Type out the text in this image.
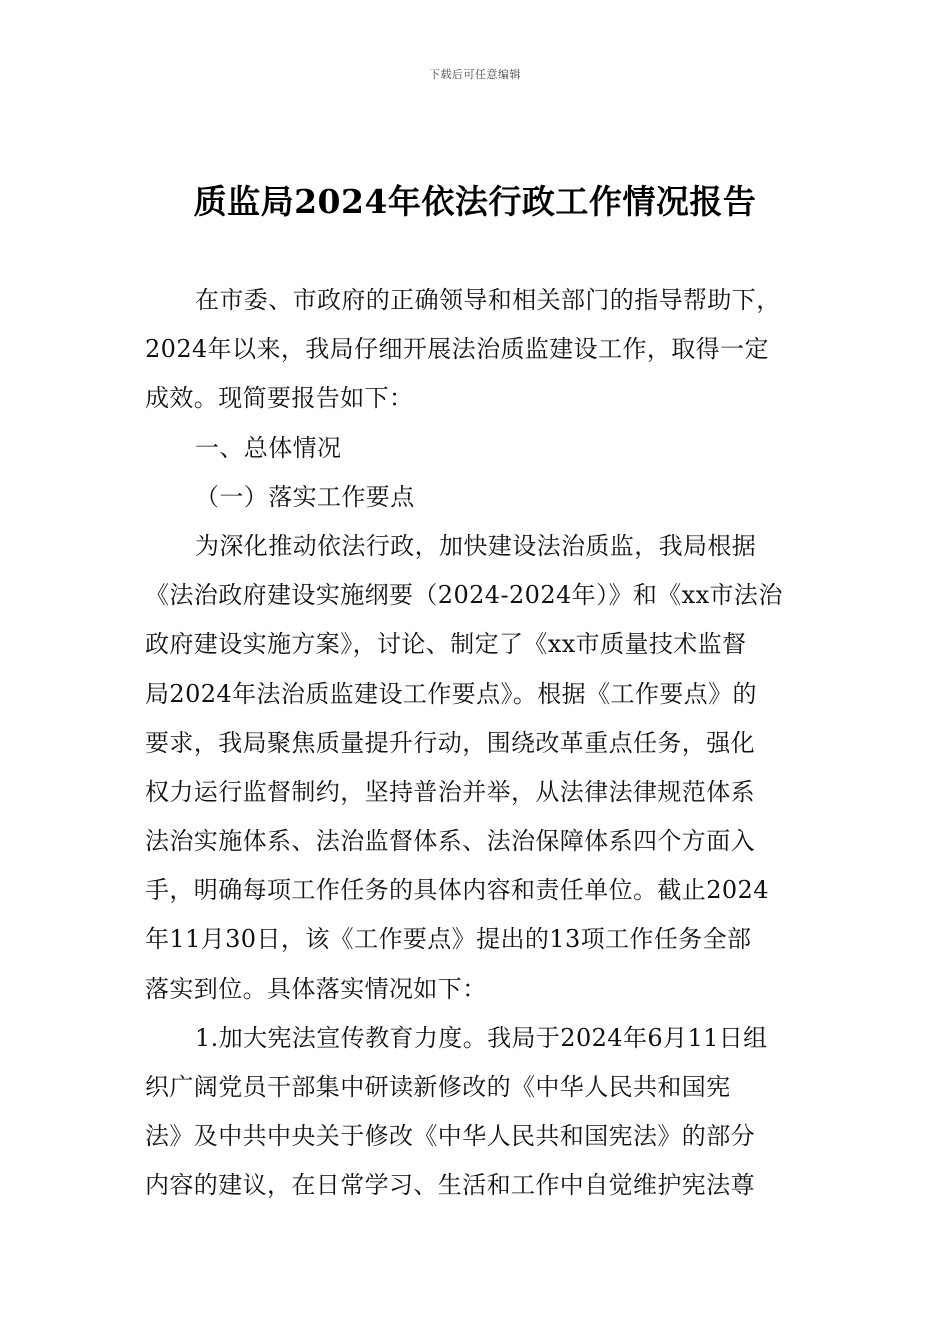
下载后可任意编辑
质监局2024年依法行政工作情况报告
在市委、市政府的正确领导和相关部门的指导帮助下，
2024年以来，我局仔细开展法治质监建设工作，取得一定
成效。现简要报告如下：
一、总体情况
（一）落实工作要点
为深化推动依法行政，加快建设法治质监，我局根据
《法治政府建设实施纲要（2024-2024年）》和《xx市法治
政府建设实施方案》，讨论、制定了《xx市质量技术监督
局2024年法治质监建设工作要点》。根据《工作要点》的
要求，我局聚焦质量提升行动，围绕改革重点任务，强化
权力运行监督制约，坚持普治并举，从法律法律规范体系
法治实施体系、法治监督体系、法治保障体系四个方面入
手，明确每项工作任务的具体内容和责任单位。截止2024
年11月30日，该《工作要点》提出的13项工作任务全部
落实到位。具体落实情况如下：
1.加大宪法宣传教育力度。我局于2024年6月11日组
织广阔党员干部集中研读新修改的《中华人民共和国宪
法》及中共中央关于修改《中华人民共和国宪法》的部分
内容的建议，在日常学习、生活和工作中自觉维护宪法尊
